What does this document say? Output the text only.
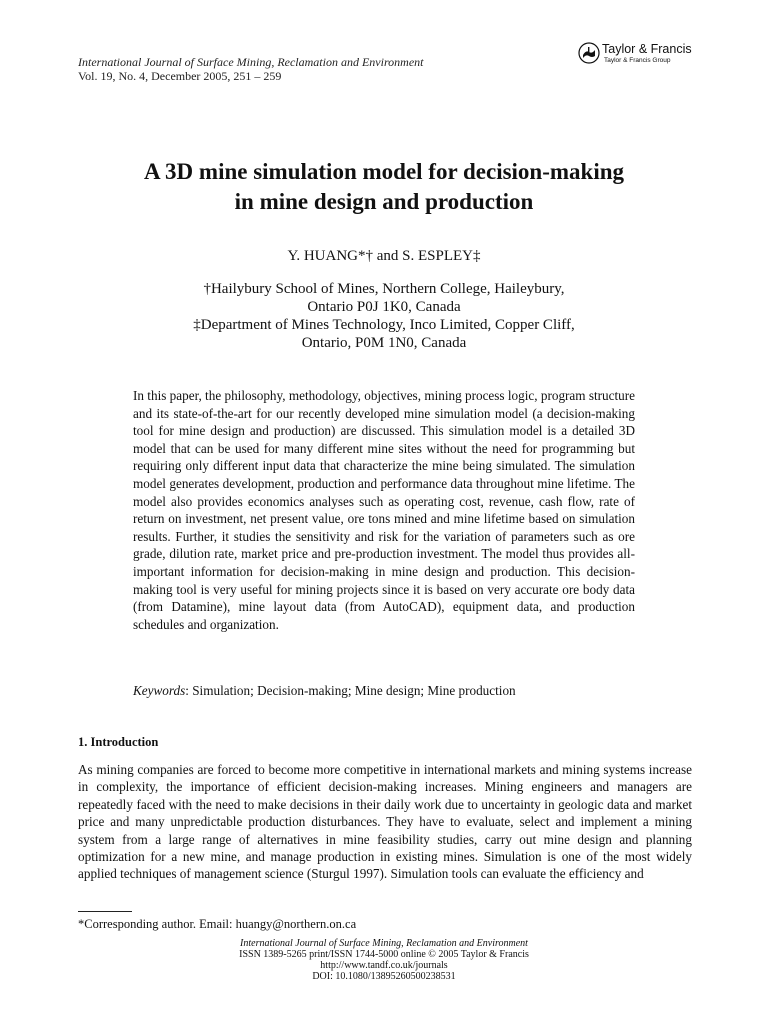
International Journal of Surface Mining, Reclamation and Environment
Vol. 19, No. 4, December 2005, 251 – 259
Taylor & Francis
Taylor & Francis Group
A 3D mine simulation model for decision-making
in mine design and production
Y. HUANG*† and S. ESPLEY‡
†Hailybury School of Mines, Northern College, Haileybury,
Ontario P0J 1K0, Canada
‡Department of Mines Technology, Inco Limited, Copper Cliff,
Ontario, P0M 1N0, Canada

In this paper, the philosophy, methodology, objectives, mining process logic, program structure and its state-of-the-art for our recently developed mine simulation model (a decision-making tool for mine design and production) are discussed. This simulation model is a detailed 3D model that can be used for many different mine sites without the need for programming but requiring only different input data that characterize the mine being simulated. The simulation model generates development, production and performance data throughout mine lifetime. The model also provides economics analyses such as operating cost, revenue, cash flow, rate of return on investment, net present value, ore tons mined and mine lifetime based on simulation results. Further, it studies the sensitivity and risk for the variation of parameters such as ore grade, dilution rate, market price and pre-production investment. The model thus provides all-important information for decision-making in mine design and production. This decision-making tool is very useful for mining projects since it is based on very accurate ore body data (from Datamine), mine layout data (from AutoCAD), equipment data, and production schedules and organization.

Keywords: Simulation; Decision-making; Mine design; Mine production
1. Introduction

As mining companies are forced to become more competitive in international markets and mining systems increase in complexity, the importance of efficient decision-making increases. Mining engineers and managers are repeatedly faced with the need to make decisions in their daily work due to uncertainty in geologic data and market price and many unpredictable production disturbances. They have to evaluate, select and implement a mining system from a large range of alternatives in mine feasibility studies, carry out mine design and planning optimization for a new mine, and manage production in existing mines. Simulation is one of the most widely applied techniques of management science (Sturgul 1997). Simulation tools can evaluate the efficiency and

*Corresponding author. Email: huangy@northern.on.ca
International Journal of Surface Mining, Reclamation and Environment
ISSN 1389-5265 print/ISSN 1744-5000 online © 2005 Taylor & Francis
http://www.tandf.co.uk/journals
DOI: 10.1080/13895260500238531
